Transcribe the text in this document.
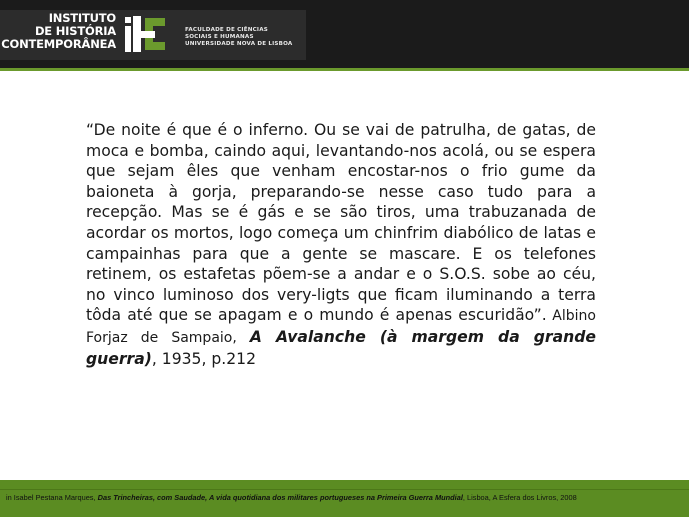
INSTITUTO
DE HISTÓRIA
CONTEMPORÂNEA
FACULDADE DE CIÊNCIAS
SOCIAIS E HUMANAS
UNIVERSIDADE NOVA DE LISBOA
“De noite é que é o inferno. Ou se vai de patrulha, de gatas, de moca e bomba, caindo aqui, levantando-nos acolá, ou se espera que sejam êles que venham encostar-nos o frio gume da baioneta à gorja, preparando-se nesse caso tudo para a recepção. Mas se é gás e se são tiros, uma trabuzanada de acordar os mortos, logo começa um chinfrim diabólico de latas e campainhas para que a gente se mascare. E os telefones retinem, os estafetas põem-se a andar e o S.O.S. sobe ao céu, no vinco luminoso dos very-ligts que ficam iluminando a terra tôda até que se apagam e o mundo é apenas escuridão”. Albino Forjaz de Sampaio, A Avalanche (à margem da grande guerra), 1935, p.212
in Isabel Pestana Marques, Das Trincheiras, com Saudade, A vida quotidiana dos militares portugueses na Primeira Guerra Mundial, Lisboa, A Esfera dos Livros, 2008
